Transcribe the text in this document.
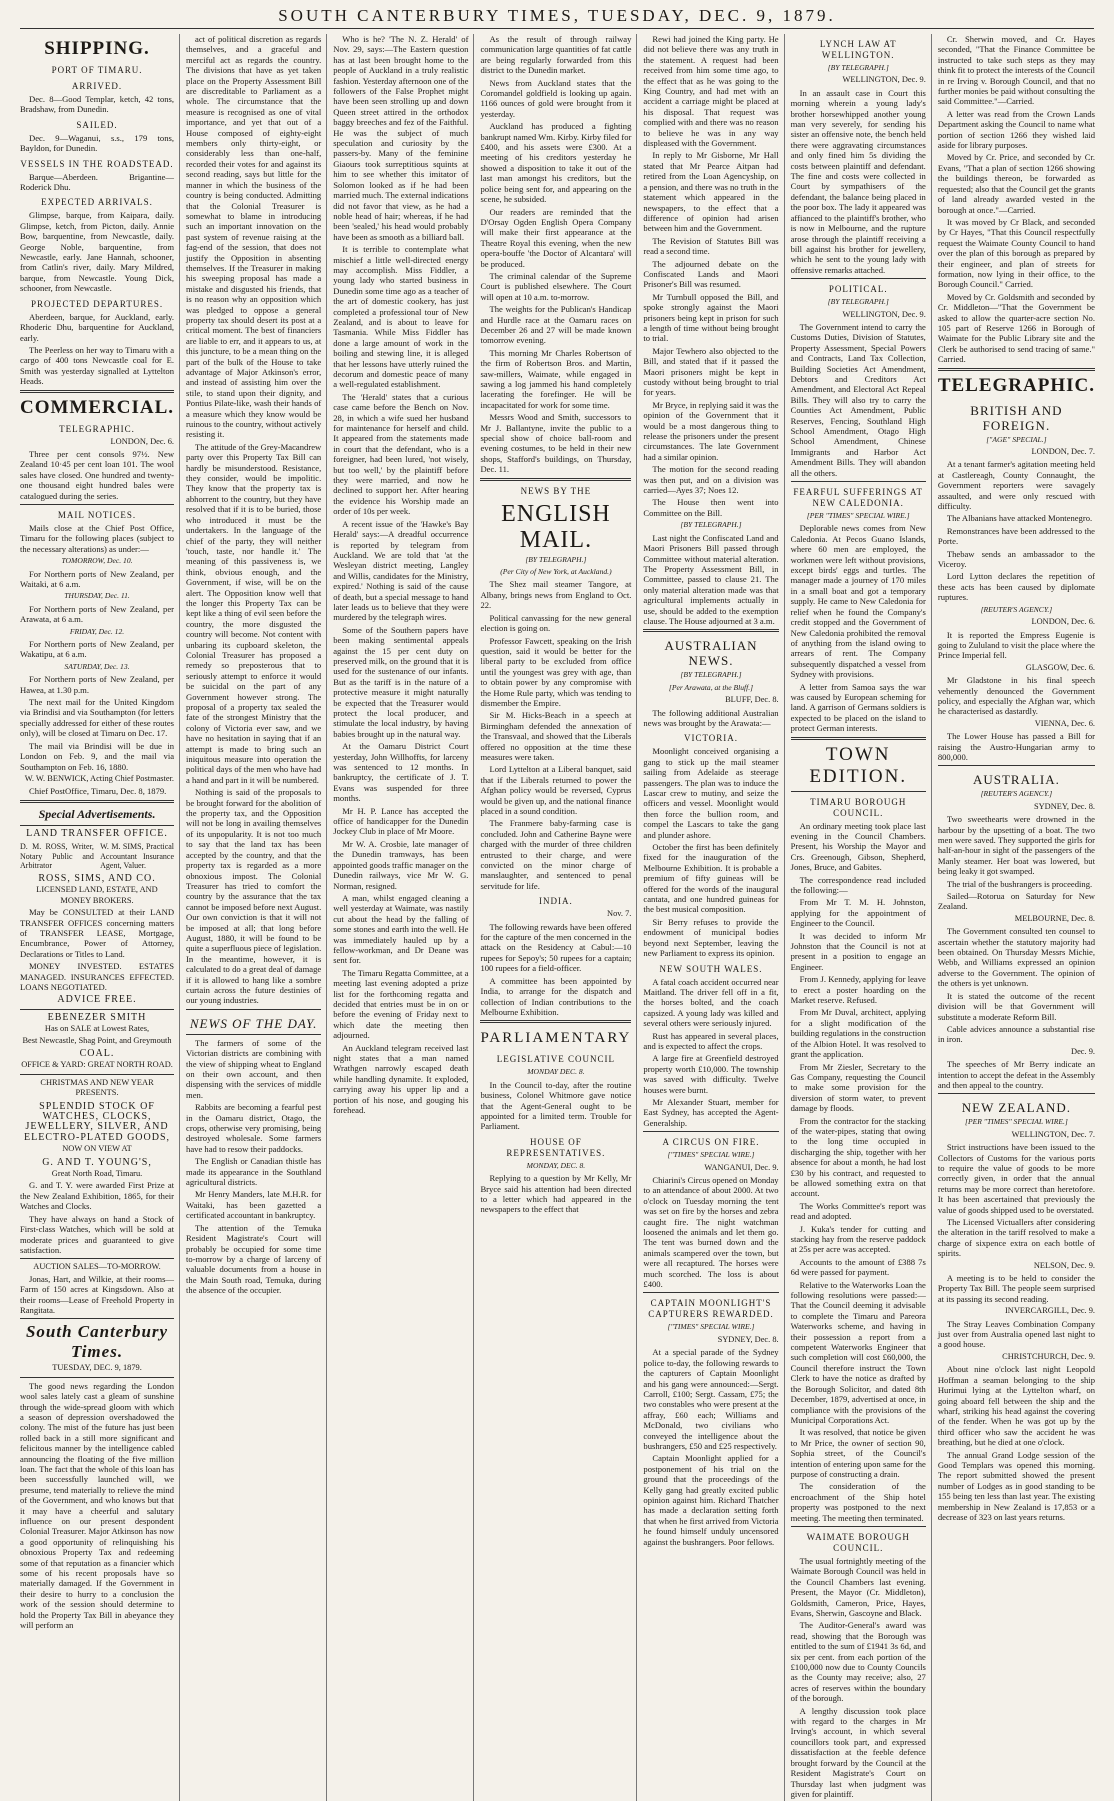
SOUTH CANTERBURY TIMES, TUESDAY, DEC. 9, 1879.
SHIPPING.
PORT OF TIMARU.
ARRIVED.

Dec. 8—Good Templar, ketch, 42 tons, Bradshaw, from Dunedin.

SAILED.

Dec. 9—Waganui, s.s., 179 tons, Bayldon, for Dunedin.

VESSELS IN THE ROADSTEAD.

Barque—Aberdeen. Brigantine—Roderick Dhu.

EXPECTED ARRIVALS.

Glimpse, barque, from Kaipara, daily. Glimpse, ketch, from Picton, daily. Annie Bow, barquentine, from Newcastle, daily. George Noble, barquentine, from Newcastle, early. Jane Hannah, schooner, from Catlin's river, daily. Mary Mildred, barque, from Newcastle. Young Dick, schooner, from Newcastle.

PROJECTED DEPARTURES.

Aberdeen, barque, for Auckland, early. Rhoderic Dhu, barquentine for Auckland, early.

The Peerless on her way to Timaru with a cargo of 400 tons Newcastle coal for E. Smith was yesterday signalled at Lyttelton Heads.

COMMERCIAL.
TELEGRAPHIC.
LONDON, Dec. 6.

Three per cent consols 97½. New Zealand 10·45 per cent loan 101. The wool sales have closed. One hundred and twenty-one thousand eight hundred bales were catalogued during the series.

MAIL NOTICES.

Mails close at the Chief Post Office, Timaru for the following places (subject to the necessary alterations) as under:—

TOMORROW, Dec. 10.

For Northern ports of New Zealand, per Waitaki, at 6 a.m.

THURSDAY, Dec. 11.

For Northern ports of New Zealand, per Arawata, at 6 a.m.

FRIDAY, Dec. 12.

For Northern ports of New Zealand, per Wakatipu, at 6 a.m.

SATURDAY, Dec. 13.

For Northern ports of New Zealand, per Hawea, at 1.30 p.m.

The next mail for the United Kingdom via Brindisi and via Southampton (for letters specially addressed for either of these routes only), will be closed at Timaru on Dec. 17.

The mail via Brindisi will be due in London on Feb. 9, and the mail via Southampton on Feb. 16, 1880.

W. W. BENWICK, Acting Chief Postmaster.

Chief PostOffice, Timaru, Dec. 8, 1879.

Special Advertisements.
LAND TRANSFER OFFICE.
D. M. ROSS, Writer, Notary Public and Arbitrator
W. M. SIMS, Practical Accountant Insurance Agent, Valuer.
ROSS, SIMS, AND CO.
LICENSED LAND, ESTATE, AND MONEY BROKERS.

May be CONSULTED at their LAND TRANSFER OFFICES concerning matters of TRANSFER LEASE, Mortgage, Encumbrance, Power of Attorney, Declarations or Titles to Land.

MONEY INVESTED. ESTATES MANAGED. INSURANCES EFFECTED. LOANS NEGOTIATED.

ADVICE FREE.
EBENEZER SMITH
Has on SALE at Lowest Rates,
Best Newcastle, Shag Point, and Greymouth
COAL.
OFFICE & YARD: GREAT NORTH ROAD.
CHRISTMAS AND NEW YEAR PRESENTS.
SPLENDID STOCK OF WATCHES, CLOCKS, JEWELLERY, SILVER, AND ELECTRO-PLATED GOODS,
NOW ON VIEW AT
G. AND T. YOUNG'S,
Great North Road, Timaru.

G. and T. Y. were awarded First Prize at the New Zealand Exhibition, 1865, for their Watches and Clocks.

They have always on hand a Stock of First-class Watches, which will be sold at moderate prices and guaranteed to give satisfaction.

AUCTION SALES—TO-MORROW.

Jonas, Hart, and Wilkie, at their rooms—Farm of 150 acres at Kingsdown. Also at their rooms—Lease of Freehold Property in Rangitata.

South Canterbury Times.
TUESDAY, DEC. 9, 1879.

The good news regarding the London wool sales lately cast a gleam of sunshine through the wide-spread gloom with which a season of depression overshadowed the colony. The mist of the future has just been rolled back in a still more significant and felicitous manner by the intelligence cabled announcing the floating of the five million loan. The fact that the whole of this loan has been successfully launched will, we presume, tend materially to relieve the mind of the Government, and who knows but that it may have a cheerful and salutary influence on our present despondent Colonial Treasurer. Major Atkinson has now a good opportunity of relinquishing his obnoxious Property Tax and redeeming some of that reputation as a financier which some of his recent proposals have so materially damaged. If the Government in their desire to hurry to a conclusion the work of the session should determine to hold the Property Tax Bill in abeyance they will perform an

act of political discretion as regards themselves, and a graceful and merciful act as regards the country. The divisions that have as yet taken place on the Property Assessment Bill are discreditable to Parliament as a whole. The circumstance that the measure is recognised as one of vital importance, and yet that out of a House composed of eighty-eight members only thirty-eight, or considerably less than one-half, recorded their votes for and against its second reading, says but little for the manner in which the business of the country is being conducted. Admitting that the Colonial Treasurer is somewhat to blame in introducing such an important innovation on the past system of revenue raising at the fag-end of the session, that does not justify the Opposition in absenting themselves. If the Treasurer in making his sweeping proposal has made a mistake and disgusted his friends, that is no reason why an opposition which was pledged to oppose a general property tax should desert its post at a critical moment. The best of financiers are liable to err, and it appears to us, at this juncture, to be a mean thing on the part of the bulk of the House to take advantage of Major Atkinson's error, and instead of assisting him over the stile, to stand upon their dignity, and Pontius Pilate-like, wash their hands of a measure which they know would be ruinous to the country, without actively resisting it.

The attitude of the Grey-Macandrew party over this Property Tax Bill can hardly be misunderstood. Resistance, they consider, would be impolitic. They know that the property tax is abhorrent to the country, but they have resolved that if it is to be buried, those who introduced it must be the undertakers. In the language of the chief of the party, they will neither 'touch, taste, nor handle it.' The meaning of this passiveness is, we think, obvious enough, and the Government, if wise, will be on the alert. The Opposition know well that the longer this Property Tax can be kept like a thing of evil seen before the country, the more disgusted the country will become. Not content with unbaring its cupboard skeleton, the Colonial Treasurer has proposed a remedy so preposterous that to seriously attempt to enforce it would be suicidal on the part of any Government however strong. The proposal of a property tax sealed the fate of the strongest Ministry that the colony of Victoria ever saw, and we have no hesitation in saying that if an attempt is made to bring such an iniquitous measure into operation the political days of the men who have had a hand and part in it will be numbered.

Nothing is said of the proposals to be brought forward for the abolition of the property tax, and the Opposition will not be long in availing themselves of its unpopularity. It is not too much to say that the land tax has been accepted by the country, and that the property tax is regarded as a more obnoxious impost. The Colonial Treasurer has tried to comfort the country by the assurance that the tax cannot be imposed before next August. Our own conviction is that it will not be imposed at all; that long before August, 1880, it will be found to be quite a superfluous piece of legislation. In the meantime, however, it is calculated to do a great deal of damage if it is allowed to hang like a sombre curtain across the future destinies of our young industries.

NEWS OF THE DAY.

The farmers of some of the Victorian districts are combining with the view of shipping wheat to England on their own account, and then dispensing with the services of middle men.

Rabbits are becoming a fearful pest in the Oamaru district, Otago, the crops, otherwise very promising, being destroyed wholesale. Some farmers have had to resow their paddocks.

The English or Canadian thistle has made its appearance in the Southland agricultural districts.

Mr Henry Manders, late M.H.R. for Waitaki, has been gazetted a certificated accountant in bankruptcy.

The attention of the Temuka Resident Magistrate's Court will probably be occupied for some time to-morrow by a charge of larceny of valuable documents from a house in the Main South road, Temuka, during the absence of the occupier.

Who is he? 'The N. Z. Herald' of Nov. 29, says:—The Eastern question has at last been brought home to the people of Auckland in a truly realistic fashion. Yesterday afternoon one of the followers of the False Prophet might have been seen strolling up and down Queen street attired in the orthodox baggy breeches and fez of the Faithful. He was the subject of much speculation and curiosity by the passers-by. Many of the feminine Giaours took surreptitious squints at him to see whether this imitator of Solomon looked as if he had been married much. The external indications did not favor that view, as he had a noble head of hair; whereas, if he had been 'sealed,' his head would probably have been as smooth as a billiard ball.

It is terrible to contemplate what mischief a little well-directed energy may accomplish. Miss Fiddler, a young lady who started business in Dunedin some time ago as a teacher of the art of domestic cookery, has just completed a professional tour of New Zealand, and is about to leave for Tasmania. While Miss Fiddler has done a large amount of work in the boiling and stewing line, it is alleged that her lessons have utterly ruined the decorum and domestic peace of many a well-regulated establishment.

The 'Herald' states that a curious case came before the Bench on Nov. 28, in which a wife sued her husband for maintenance for herself and child. It appeared from the statements made in court that the defendant, who is a foreigner, had been lured, 'not wisely, but too well,' by the plaintiff before they were married, and now he declined to support her. After hearing the evidence his Worship made an order of 10s per week.

A recent issue of the 'Hawke's Bay Herald' says:—A dreadful occurrence is reported by telegram from Auckland. We are told that 'at the Wesleyan district meeting, Langley and Willis, candidates for the Ministry, expired.' Nothing is said of the cause of death, but a special message to hand later leads us to believe that they were murdered by the telegraph wires.

Some of the Southern papers have been making sentimental appeals against the 15 per cent duty on preserved milk, on the ground that it is used for the sustenance of our infants. But as the tariff is in the nature of a protective measure it might naturally be expected that the Treasurer would protect the local producer, and stimulate the local industry, by having babies brought up in the natural way.

At the Oamaru District Court yesterday, John Willhoffts, for larceny was sentenced to 12 months. In bankruptcy, the certificate of J. T. Evans was suspended for three months.

Mr H. P. Lance has accepted the office of handicapper for the Dunedin Jockey Club in place of Mr Moore.

Mr W. A. Crosbie, late manager of the Dunedin tramways, has been appointed goods traffic manager on the Dunedin railways, vice Mr W. G. Norman, resigned.

A man, whilst engaged cleaning a well yesterday at Waimate, was nastily cut about the head by the falling of some stones and earth into the well. He was immediately hauled up by a fellow-workman, and Dr Deane was sent for.

The Timaru Regatta Committee, at a meeting last evening adopted a prize list for the forthcoming regatta and decided that entries must be in on or before the evening of Friday next to which date the meeting then adjourned.

An Auckland telegram received last night states that a man named Wrathgen narrowly escaped death while handling dynamite. It exploded, carrying away his upper lip and a portion of his nose, and gouging his forehead.

As the result of through railway communication large quantities of fat cattle are being regularly forwarded from this district to the Dunedin market.

News from Auckland states that the Coromandel goldfield is looking up again. 1166 ounces of gold were brought from it yesterday.

Auckland has produced a fighting bankrupt named Wm. Kirby. Kirby filed for £400, and his assets were £300. At a meeting of his creditors yesterday he showed a disposition to take it out of the last man amongst his creditors, but the police being sent for, and appearing on the scene, he subsided.

Our readers are reminded that the D'Orsay Ogden English Opera Company will make their first appearance at the Theatre Royal this evening, when the new opera-bouffe 'the Doctor of Alcantara' will be produced.

The criminal calendar of the Supreme Court is published elsewhere. The Court will open at 10 a.m. to-morrow.

The weights for the Publican's Handicap and Hurdle race at the Oamaru races on December 26 and 27 will be made known tomorrow evening.

This morning Mr Charles Robertson of the firm of Robertson Bros. and Martin, saw-millers, Waimate, while engaged in sawing a log jammed his hand completely lacerating the forefinger. He will be incapacitated for work for some time.

Messrs Wood and Smith, successors to Mr J. Ballantyne, invite the public to a special show of choice ball-room and evening costumes, to be held in their new shops, Stafford's buildings, on Thursday, Dec. 11.

NEWS BY THE
ENGLISH MAIL.
[BY TELEGRAPH.]
(Per City of New York, at Auckland.)

The Shez mail steamer Tangore, at Albany, brings news from England to Oct. 22.

Political canvassing for the new general election is going on.

Professor Fawcett, speaking on the Irish question, said it would be better for the liberal party to be excluded from office until the youngest was grey with age, than to obtain power by any compromise with the Home Rule party, which was tending to dismember the Empire.

Sir M. Hicks-Beach in a speech at Birmingham defended the annexation of the Transvaal, and showed that the Liberals offered no opposition at the time these measures were taken.

Lord Lyttelton at a Liberal banquet, said that if the Liberals returned to power the Afghan policy would be reversed, Cyprus would be given up, and the national finance placed in a sound condition.

The Franmere baby-farming case is concluded. John and Catherine Bayne were charged with the murder of three children entrusted to their charge, and were convicted on the minor charge of manslaughter, and sentenced to penal servitude for life.

INDIA.
Nov. 7.

The following rewards have been offered for the capture of the men concerned in the attack on the Residency at Cabul:—10 rupees for Sepoy's; 50 rupees for a captain; 100 rupees for a field-officer.

A committee has been appointed by India, to arrange for the dispatch and collection of Indian contributions to the Melbourne Exhibition.

PARLIAMENTARY
LEGISLATIVE COUNCIL
MONDAY DEC. 8.

In the Council to-day, after the routine business, Colonel Whitmore gave notice that the Agent-General ought to be appointed for a limited term. Trouble for Parliament.

HOUSE OF REPRESENTATIVES.
MONDAY, DEC. 8.

Replying to a question by Mr Kelly, Mr Bryce said his attention had been directed to a letter which had appeared in the newspapers to the effect that

Rewi had joined the King party. He did not believe there was any truth in the statement. A request had been received from him some time ago, to the effect that as he was going to the King Country, and had met with an accident a carriage might be placed at his disposal. That request was complied with and there was no reason to believe he was in any way displeased with the Government.

In reply to Mr Gisborne, Mr Hall stated that Mr Pearce Aitpan had retired from the Loan Agencyship, on a pension, and there was no truth in the statement which appeared in the newspapers, to the effect that a difference of opinion had arisen between him and the Government.

The Revision of Statutes Bill was read a second time.

The adjourned debate on the Confiscated Lands and Maori Prisoner's Bill was resumed.

Mr Turnbull opposed the Bill, and spoke strongly against the Maori prisoners being kept in prison for such a length of time without being brought to trial.

Major Tewhero also objected to the Bill, and stated that if it passed the Maori prisoners might be kept in custody without being brought to trial for years.

Mr Bryce, in replying said it was the opinion of the Government that it would be a most dangerous thing to release the prisoners under the present circumstances. The late Government had a similar opinion.

The motion for the second reading was then put, and on a division was carried—Ayes 37; Noes 12.

The House then went into Committee on the Bill.

[BY TELEGRAPH.]

Last night the Confiscated Land and Maori Prisoners Bill passed through Committee without material alteration. The Property Assessment Bill, in Committee, passed to clause 21. The only material alteration made was that agricultural implements actually in use, should be added to the exemption clause. The House adjourned at 3 a.m.

AUSTRALIAN NEWS.
[BY TELEGRAPH.]
[Per Arawata, at the Bluff.]
BLUFF, Dec. 8.

The following additional Australian news was brought by the Arawata:—

VICTORIA.

Moonlight conceived organising a gang to stick up the mail steamer sailing from Adelaide as steerage passengers. The plan was to induce the Lascar crew to mutiny, and seize the officers and vessel. Moonlight would then force the bullion room, and compel the Lascars to take the gang and plunder ashore.

October the first has been definitely fixed for the inauguration of the Melbourne Exhibition. It is probable a premium of fifty guineas will be offered for the words of the inaugural cantata, and one hundred guineas for the best musical composition.

Sir Berry refuses to provide the endowment of municipal bodies beyond next September, leaving the new Parliament to express its opinion.

NEW SOUTH WALES.

A fatal coach accident occurred near Maitland. The driver fell off in a fit, the horses bolted, and the coach capsized. A young lady was killed and several others were seriously injured.

Rust has appeared in several places, and is expected to affect the crops.

A large fire at Greenfield destroyed property worth £10,000. The township was saved with difficulty. Twelve houses were burnt.

Mr Alexander Stuart, member for East Sydney, has accepted the Agent-Generalship.

A CIRCUS ON FIRE.
["TIMES" SPECIAL WIRE.]
WANGANUI, Dec. 9.

Chiarini's Circus opened on Monday to an attendance of about 2000. At two o'clock on Tuesday morning the tent was set on fire by the horses and zebra caught fire. The night watchman loosened the animals and let them go. The tent was burned down and the animals scampered over the town, but were all recaptured. The horses were much scorched. The loss is about £400.

CAPTAIN MOONLIGHT'S CAPTURERS REWARDED.
["TIMES" SPECIAL WIRE.]
SYDNEY, Dec. 8.

At a special parade of the Sydney police to-day, the following rewards to the capturers of Captain Moonlight and his gang were announced:—Sergt. Carroll, £100; Sergt. Cassam, £75; the two constables who were present at the affray, £60 each; Williams and McDonald, two civilians who conveyed the intelligence about the bushrangers, £50 and £25 respectively.

Captain Moonlight applied for a postponement of his trial on the ground that the proceedings of the Kelly gang had greatly excited public opinion against him. Richard Thatcher has made a declaration setting forth that when he first arrived from Victoria he found himself unduly uncensored against the bushrangers. Poor fellows.

LYNCH LAW AT WELLINGTON.
[BY TELEGRAPH.]
WELLINGTON, Dec. 9.

In an assault case in Court this morning wherein a young lady's brother horsewhipped another young man very severely, for sending his sister an offensive note, the bench held there were aggravating circumstances and only fined him 5s dividing the costs between plaintiff and defendant. The fine and costs were collected in Court by sympathisers of the defendant, the balance being placed in the poor box. The lady it appeared was affianced to the plaintiff's brother, who is now in Melbourne, and the rupture arose through the plaintiff receiving a bill against his brother for jewellery, which he sent to the young lady with offensive remarks attached.

POLITICAL.
[BY TELEGRAPH.]
WELLINGTON, Dec. 9.

The Government intend to carry the Customs Duties, Division of Statutes, Property Assessment, Special Powers and Contracts, Land Tax Collection, Building Societies Act Amendment, Debtors and Creditors Act Amendment, and Electoral Act Repeal Bills. They will also try to carry the Counties Act Amendment, Public Reserves, Fencing, Southland High School Amendment, Otago High School Amendment, Chinese Immigrants and Harbor Act Amendment Bills. They will abandon all the others.

FEARFUL SUFFERINGS AT NEW CALEDONIA.
[PER "TIMES" SPECIAL WIRE.]

Deplorable news comes from New Caledonia. At Pecos Guano Islands, where 60 men are employed, the workmen were left without provisions, except birds' eggs and turtles. The manager made a journey of 170 miles in a small boat and got a temporary supply. He came to New Caledonia for relief when he found the Company's credit stopped and the Government of New Caledonia prohibited the removal of anything from the island owing to arrears of rent. The Company subsequently dispatched a vessel from Sydney with provisions.

A letter from Samoa says the war was caused by European scheming for land. A garrison of Germans soldiers is expected to be placed on the island to protect German interests.

TOWN EDITION.
TIMARU BOROUGH COUNCIL.

An ordinary meeting took place last evening in the Council Chambers. Present, his Worship the Mayor and Crs. Greenough, Gibson, Shepherd, Jones, Bruce, and Gabites.

The correspondence read included the following:—

From Mr T. M. H. Johnston, applying for the appointment of Engineer to the Council.

It was decided to inform Mr Johnston that the Council is not at present in a position to engage an Engineer.

From J. Kennedy, applying for leave to erect a poster hoarding on the Market reserve. Refused.

From Mr Duval, architect, applying for a slight modification of the building regulations in the construction of the Albion Hotel. It was resolved to grant the application.

From Mr Ziesler, Secretary to the Gas Company, requesting the Council to make some provision for the diversion of storm water, to prevent damage by floods.

From the contractor for the stacking of the water-pipes, stating that owing to the long time occupied in discharging the ship, together with her absence for about a month, he had lost £30 by his contract, and requested to be allowed something extra on that account.

The Works Committee's report was read and adopted.

J. Kuka's tender for cutting and stacking hay from the reserve paddock at 25s per acre was accepted.

Accounts to the amount of £388 7s 6d were passed for payment.

Relative to the Waterworks Loan the following resolutions were passed:—That the Council deeming it advisable to complete the Timaru and Pareora Waterworks scheme, and having in their possession a report from a competent Waterworks Engineer that such completion will cost £60,000, the Council therefore instruct the Town Clerk to have the notice as drafted by the Borough Solicitor, and dated 8th December, 1879, advertised at once, in compliance with the provisions of the Municipal Corporations Act.

It was resolved, that notice be given to Mr Price, the owner of section 90, Sophia street, of the Council's intention of entering upon same for the purpose of constructing a drain.

The consideration of the encroachment of the Ship hotel property was postponed to the next meeting. The meeting then terminated.

WAIMATE BOROUGH COUNCIL.

The usual fortnightly meeting of the Waimate Borough Council was held in the Council Chambers last evening. Present, the Mayor (Cr. Middleton), Goldsmith, Cameron, Price, Hayes, Evans, Sherwin, Gascoyne and Black.

The Auditor-General's award was read, showing that the Borough was entitled to the sum of £1941 3s 6d, and six per cent. from each portion of the £100,000 now due to County Councils as the County may receive; also, 27 acres of reserves within the boundary of the borough.

A lengthy discussion took place with regard to the charges in Mr Irving's account, in which several councillors took part, and expressed dissatisfaction at the feeble defence brought forward by the Council at the Resident Magistrate's Court on Thursday last when judgment was given for plaintiff.

Cr. Sherwin moved, and Cr. Hayes seconded, "That the Finance Committee be instructed to take such steps as they may think fit to protect the interests of the Council in re Irving v. Borough Council, and that no further monies be paid without consulting the said Committee."—Carried.

A letter was read from the Crown Lands Department asking the Council to name what portion of section 1266 they wished laid aside for library purposes.

Moved by Cr. Price, and seconded by Cr. Evans, "That a plan of section 1266 showing the buildings thereon, be forwarded as requested; also that the Council get the grants of land already awarded vested in the borough at once."—Carried.

It was moved by Cr Black, and seconded by Cr Hayes, "That this Council respectfully request the Waimate County Council to hand over the plan of this borough as prepared by their engineer, and plan of streets for formation, now lying in their office, to the Borough Council." Carried.

Moved by Cr. Goldsmith and seconded by Cr. Middleton—"That the Government be asked to allow the quarter-acre section No. 105 part of Reserve 1266 in Borough of Waimate for the Public Library site and the Clerk be authorised to send tracing of same." Carried.

TELEGRAPHIC.
BRITISH AND FOREIGN.
["AGE" SPECIAL.]
LONDON, Dec. 7.

At a tenant farmer's agitation meeting held at Castlereagh, County Connaught, the Government reporters were savagely assaulted, and were only rescued with difficulty.

The Albanians have attacked Montenegro.

Remonstrances have been addressed to the Porte.

Thebaw sends an ambassador to the Viceroy.

Lord Lytton declares the repetition of these acts has been caused by diplomate ruptures.

[REUTER'S AGENCY.]
LONDON, Dec. 6.

It is reported the Empress Eugenie is going to Zululand to visit the place where the Prince Imperial fell.

GLASGOW, Dec. 6.

Mr Gladstone in his final speech vehemently denounced the Government policy, and especially the Afghan war, which he characterised as dastardly.

VIENNA, Dec. 6.

The Lower House has passed a Bill for raising the Austro-Hungarian army to 800,000.

AUSTRALIA.
[REUTER'S AGENCY.]
SYDNEY, Dec. 8.

Two sweethearts were drowned in the harbour by the upsetting of a boat. The two men were saved. They supported the girls for half-an-hour in sight of the passengers of the Manly steamer. Her boat was lowered, but being leaky it got swamped.

The trial of the bushrangers is proceeding.

Sailed—Rotorua on Saturday for New Zealand.

MELBOURNE, Dec. 8.

The Government consulted ten counsel to ascertain whether the statutory majority had been obtained. On Thursday Messrs Michie, Webb, and Williams expressed an opinion adverse to the Government. The opinion of the others is yet unknown.

It is stated the outcome of the recent division will be that Government will substitute a moderate Reform Bill.

Cable advices announce a substantial rise in iron.

Dec. 9.

The speeches of Mr Berry indicate an intention to accept the defeat in the Assembly and then appeal to the country.

NEW ZEALAND.
[PER "TIMES" SPECIAL WIRE.]
WELLINGTON, Dec. 7.

Strict instructions have been issued to the Collectors of Customs for the various ports to require the value of goods to be more correctly given, in order that the annual returns may be more correct than heretofore. It has been ascertained that previously the value of goods shipped used to be overstated.

The Licensed Victuallers after considering the alteration in the tariff resolved to make a charge of sixpence extra on each bottle of spirits.

NELSON, Dec. 9.

A meeting is to be held to consider the Property Tax Bill. The people seem surprised at its passing its second reading.

INVERCARGILL, Dec. 9.

The Stray Leaves Combination Company just over from Australia opened last night to a good house.

CHRISTCHURCH, Dec. 9.

About nine o'clock last night Leopold Hoffman a seaman belonging to the ship Hurimui lying at the Lyttelton wharf, on going aboard fell between the ship and the wharf, striking his head against the covering of the fender. When he was got up by the third officer who saw the accident he was breathing, but he died at one o'clock.

The annual Grand Lodge session of the Good Templars was opened this morning. The report submitted showed the present number of Lodges as in good standing to be 155 being ten less than last year. The existing membership in New Zealand is 17,853 or a decrease of 323 on last years returns.
